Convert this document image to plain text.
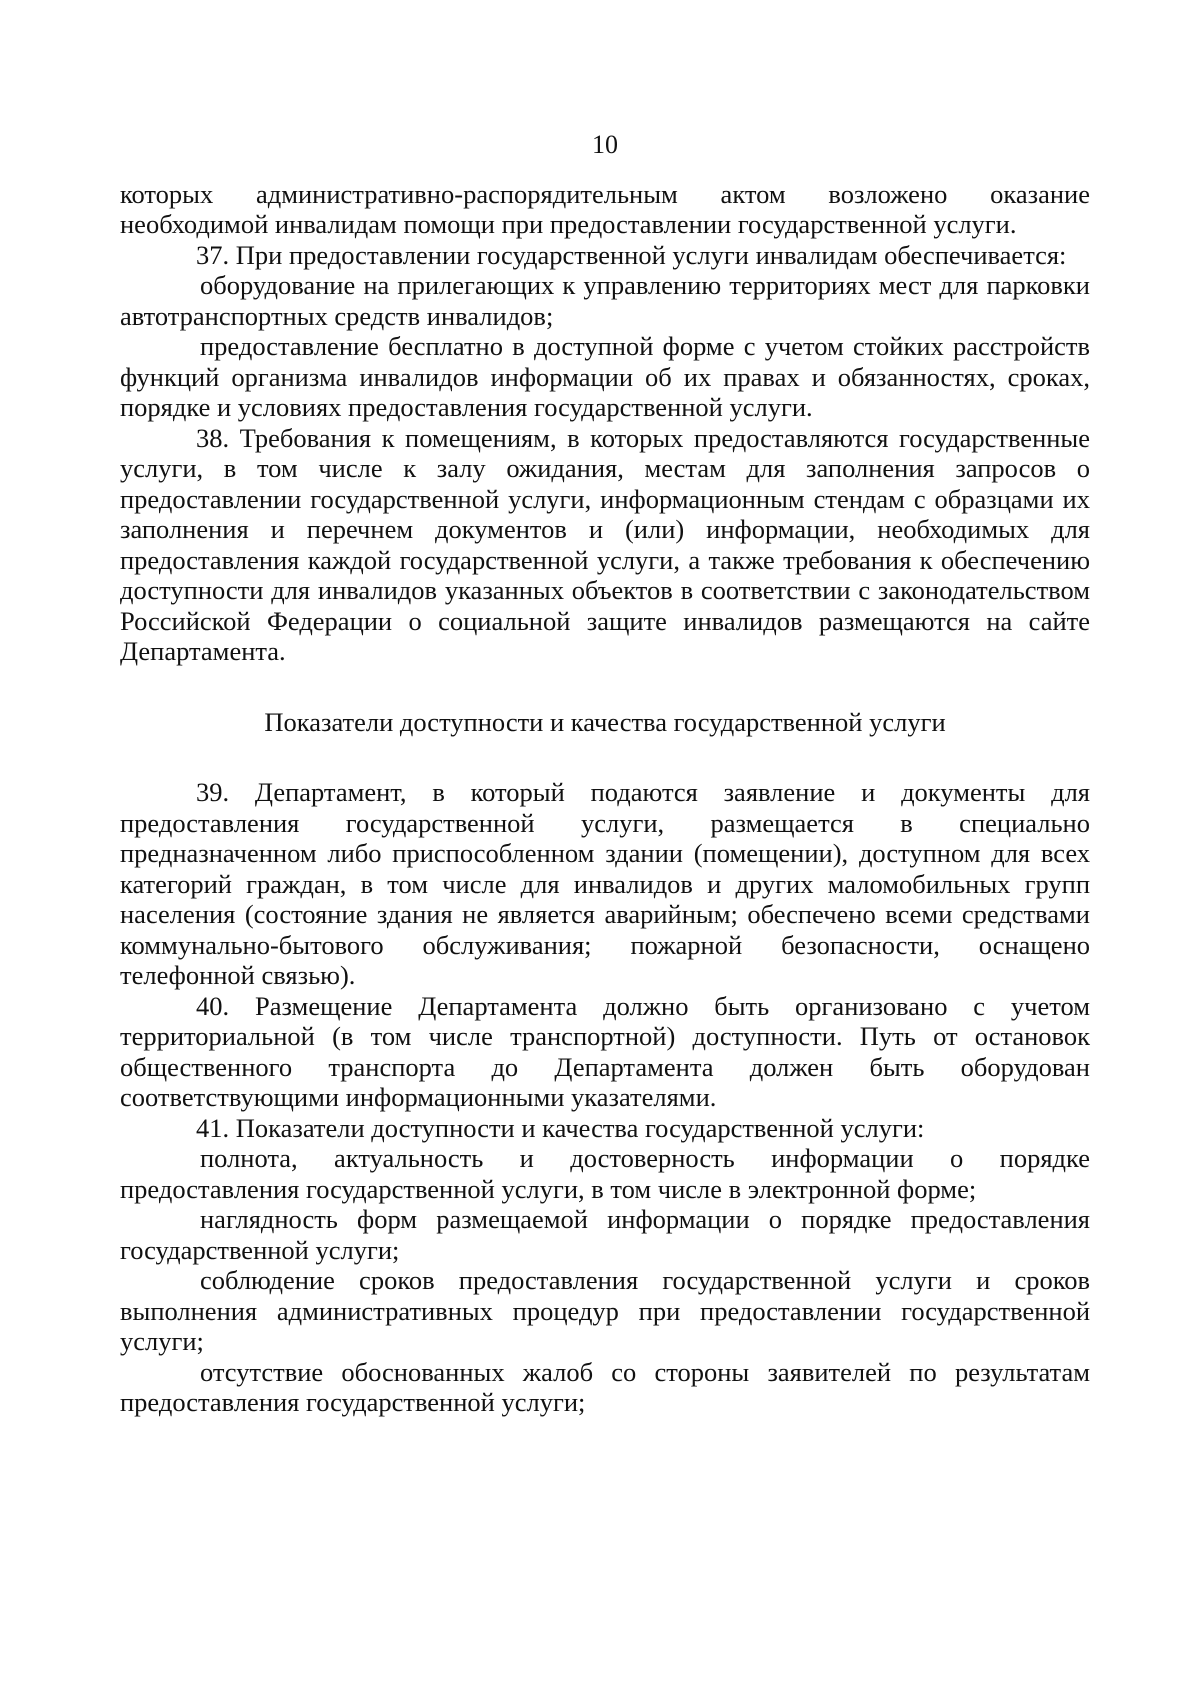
10

которых административно-распорядительным актом возложено оказание необходимой инвалидам помощи при предоставлении государственной услуги.

37. При предоставлении государственной услуги инвалидам обеспечивается:

оборудование на прилегающих к управлению территориях мест для парковки автотранспортных средств инвалидов;

предоставление бесплатно в доступной форме с учетом стойких расстройств функций организма инвалидов информации об их правах и обязанностях, сроках, порядке и условиях предоставления государственной услуги.

38. Требования к помещениям, в которых предоставляются государственные услуги, в том числе к залу ожидания, местам для заполнения запросов о предоставлении государственной услуги, информационным стендам с образцами их заполнения и перечнем документов и (или) информации, необходимых для предоставления каждой государственной услуги, а также требования к обеспечению доступности для инвалидов указанных объектов в соответствии с законодательством Российской Федерации о социальной защите инвалидов размещаются на сайте Департамента.

Показатели доступности и качества государственной услуги

39. Департамент, в который подаются заявление и документы для предоставления государственной услуги, размещается в специально предназначенном либо приспособленном здании (помещении), доступном для всех категорий граждан, в том числе для инвалидов и других маломобильных групп населения (состояние здания не является аварийным; обеспечено всеми средствами коммунально-бытового обслуживания; пожарной безопасности, оснащено телефонной связью).

40. Размещение Департамента должно быть организовано с учетом территориальной (в том числе транспортной) доступности. Путь от остановок общественного транспорта до Департамента должен быть оборудован соответствующими информационными указателями.

41. Показатели доступности и качества государственной услуги:

полнота, актуальность и достоверность информации о порядке предоставления государственной услуги, в том числе в электронной форме;

наглядность форм размещаемой информации о порядке предоставления государственной услуги;

соблюдение сроков предоставления государственной услуги и сроков выполнения административных процедур при предоставлении государственной услуги;

отсутствие обоснованных жалоб со стороны заявителей по результатам предоставления государственной услуги;
